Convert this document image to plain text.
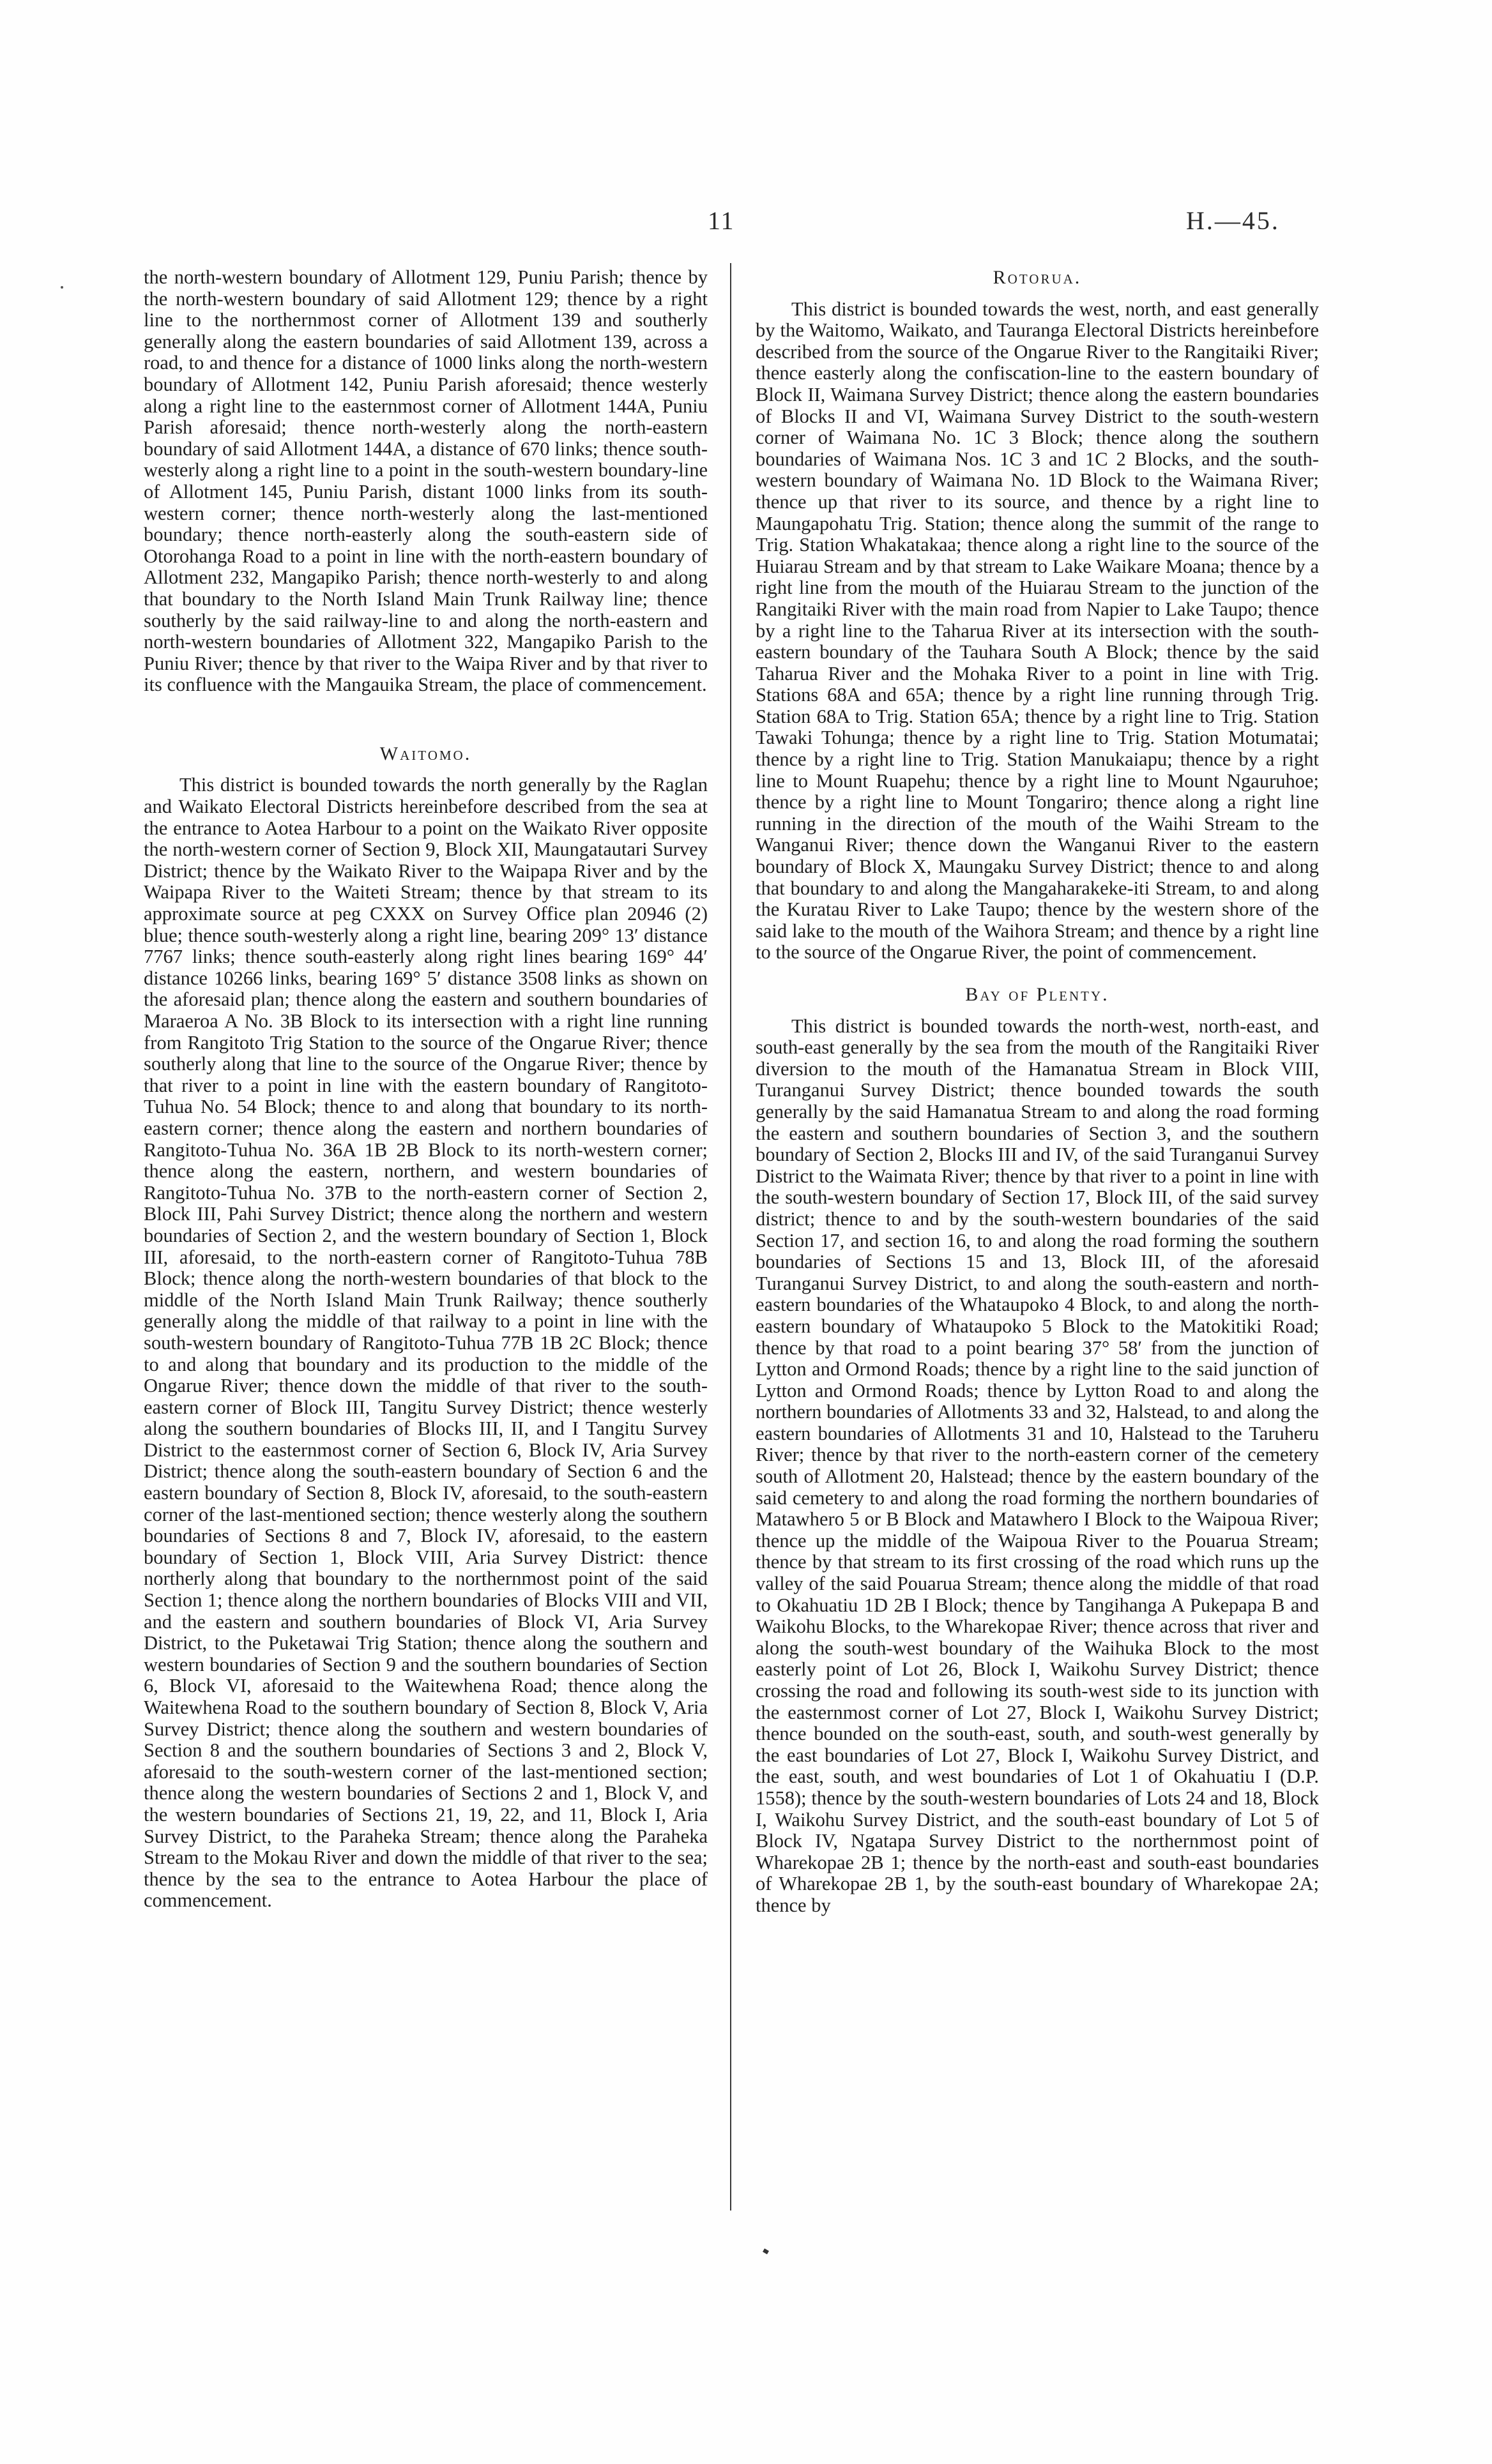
11	H.—45.

the north-western boundary of Allotment 129, Puniu Parish; thence by the north-western boundary of said Allotment 129; thence by a right line to the northernmost corner of Allotment 139 and southerly generally along the eastern boundaries of said Allotment 139, across a road, to and thence for a distance of 1000 links along the north-western boundary of Allotment 142, Puniu Parish aforesaid; thence westerly along a right line to the easternmost corner of Allotment 144A, Puniu Parish aforesaid; thence north-westerly along the north-eastern boundary of said Allotment 144A, a distance of 670 links; thence south-westerly along a right line to a point in the south-western boundary-line of Allotment 145, Puniu Parish, distant 1000 links from its south-western corner; thence north-westerly along the last-mentioned boundary; thence north-easterly along the south-eastern side of Otorohanga Road to a point in line with the north-eastern boundary of Allotment 232, Mangapiko Parish; thence north-westerly to and along that boundary to the North Island Main Trunk Railway line; thence southerly by the said railway-line to and along the north-eastern and north-western boundaries of Allotment 322, Mangapiko Parish to the Puniu River; thence by that river to the Waipa River and by that river to its confluence with the Mangauika Stream, the place of commencement.

Waitomo.

This district is bounded towards the north generally by the Raglan and Waikato Electoral Districts hereinbefore described from the sea at the entrance to Aotea Harbour to a point on the Waikato River opposite the north-western corner of Section 9, Block XII, Maungatautari Survey District; thence by the Waikato River to the Waipapa River and by the Waipapa River to the Waiteti Stream; thence by that stream to its approximate source at peg CXXX on Survey Office plan 20946 (2) blue; thence south-westerly along a right line, bearing 209° 13′ distance 7767 links; thence south-easterly along right lines bearing 169° 44′ distance 10266 links, bearing 169° 5′ distance 3508 links as shown on the aforesaid plan; thence along the eastern and southern boundaries of Maraeroa A No. 3B Block to its intersection with a right line running from Rangitoto Trig Station to the source of the Ongarue River; thence southerly along that line to the source of the Ongarue River; thence by that river to a point in line with the eastern boundary of Rangitoto-Tuhua No. 54 Block; thence to and along that boundary to its north-eastern corner; thence along the eastern and northern boundaries of Rangitoto-Tuhua No. 36A 1B 2B Block to its north-western corner; thence along the eastern, northern, and western boundaries of Rangitoto-Tuhua No. 37B to the north-eastern corner of Section 2, Block III, Pahi Survey District; thence along the northern and western boundaries of Section 2, and the western boundary of Section 1, Block III, aforesaid, to the north-eastern corner of Rangitoto-Tuhua 78B Block; thence along the north-western boundaries of that block to the middle of the North Island Main Trunk Railway; thence southerly generally along the middle of that railway to a point in line with the south-western boundary of Rangitoto-Tuhua 77B 1B 2C Block; thence to and along that boundary and its production to the middle of the Ongarue River; thence down the middle of that river to the south-eastern corner of Block III, Tangitu Survey District; thence westerly along the southern boundaries of Blocks III, II, and I Tangitu Survey District to the easternmost corner of Section 6, Block IV, Aria Survey District; thence along the south-eastern boundary of Section 6 and the eastern boundary of Section 8, Block IV, aforesaid, to the south-eastern corner of the last-mentioned section; thence westerly along the southern boundaries of Sections 8 and 7, Block IV, aforesaid, to the eastern boundary of Section 1, Block VIII, Aria Survey District: thence northerly along that boundary to the northernmost point of the said Section 1; thence along the northern boundaries of Blocks VIII and VII, and the eastern and southern boundaries of Block VI, Aria Survey District, to the Puketawai Trig Station; thence along the southern and western boundaries of Section 9 and the southern boundaries of Section 6, Block VI, aforesaid to the Waitewhena Road; thence along the Waitewhena Road to the southern boundary of Section 8, Block V, Aria Survey District; thence along the southern and western boundaries of Section 8 and the southern boundaries of Sections 3 and 2, Block V, aforesaid to the south-western corner of the last-mentioned section; thence along the western boundaries of Sections 2 and 1, Block V, and the western boundaries of Sections 21, 19, 22, and 11, Block I, Aria Survey District, to the Paraheka Stream; thence along the Paraheka Stream to the Mokau River and down the middle of that river to the sea; thence by the sea to the entrance to Aotea Harbour the place of commencement.

Rotorua.

This district is bounded towards the west, north, and east generally by the Waitomo, Waikato, and Tauranga Electoral Districts hereinbefore described from the source of the Ongarue River to the Rangitaiki River; thence easterly along the confiscation-line to the eastern boundary of Block II, Waimana Survey District; thence along the eastern boundaries of Blocks II and VI, Waimana Survey District to the south-western corner of Waimana No. 1C 3 Block; thence along the southern boundaries of Waimana Nos. 1C 3 and 1C 2 Blocks, and the south-western boundary of Waimana No. 1D Block to the Waimana River; thence up that river to its source, and thence by a right line to Maungapohatu Trig. Station; thence along the summit of the range to Trig. Station Whakatakaa; thence along a right line to the source of the Huiarau Stream and by that stream to Lake Waikare Moana; thence by a right line from the mouth of the Huiarau Stream to the junction of the Rangitaiki River with the main road from Napier to Lake Taupo; thence by a right line to the Taharua River at its intersection with the south-eastern boundary of the Tauhara South A Block; thence by the said Taharua River and the Mohaka River to a point in line with Trig. Stations 68A and 65A; thence by a right line running through Trig. Station 68A to Trig. Station 65A; thence by a right line to Trig. Station Tawaki Tohunga; thence by a right line to Trig. Station Motumatai; thence by a right line to Trig. Station Manukaiapu; thence by a right line to Mount Ruapehu; thence by a right line to Mount Ngauruhoe; thence by a right line to Mount Tongariro; thence along a right line running in the direction of the mouth of the Waihi Stream to the Wanganui River; thence down the Wanganui River to the eastern boundary of Block X, Maungaku Survey District; thence to and along that boundary to and along the Mangaharakeke-iti Stream, to and along the Kuratau River to Lake Taupo; thence by the western shore of the said lake to the mouth of the Waihora Stream; and thence by a right line to the source of the Ongarue River, the point of commencement.

Bay of Plenty.

This district is bounded towards the north-west, north-east, and south-east generally by the sea from the mouth of the Rangitaiki River diversion to the mouth of the Hamanatua Stream in Block VIII, Turanganui Survey District; thence bounded towards the south generally by the said Hamanatua Stream to and along the road forming the eastern and southern boundaries of Section 3, and the southern boundary of Section 2, Blocks III and IV, of the said Turanganui Survey District to the Waimata River; thence by that river to a point in line with the south-western boundary of Section 17, Block III, of the said survey district; thence to and by the south-western boundaries of the said Section 17, and section 16, to and along the road forming the southern boundaries of Sections 15 and 13, Block III, of the aforesaid Turanganui Survey District, to and along the south-eastern and north-eastern boundaries of the Whataupoko 4 Block, to and along the north-eastern boundary of Whataupoko 5 Block to the Matokitiki Road; thence by that road to a point bearing 37° 58′ from the junction of Lytton and Ormond Roads; thence by a right line to the said junction of Lytton and Ormond Roads; thence by Lytton Road to and along the northern boundaries of Allotments 33 and 32, Halstead, to and along the eastern boundaries of Allotments 31 and 10, Halstead to the Taruheru River; thence by that river to the north-eastern corner of the cemetery south of Allotment 20, Halstead; thence by the eastern boundary of the said cemetery to and along the road forming the northern boundaries of Matawhero 5 or B Block and Matawhero I Block to the Waipoua River; thence up the middle of the Waipoua River to the Pouarua Stream; thence by that stream to its first crossing of the road which runs up the valley of the said Pouarua Stream; thence along the middle of that road to Okahuatiu 1D 2B I Block; thence by Tangihanga A Pukepapa B and Waikohu Blocks, to the Wharekopae River; thence across that river and along the south-west boundary of the Waihuka Block to the most easterly point of Lot 26, Block I, Waikohu Survey District; thence crossing the road and following its south-west side to its junction with the easternmost corner of Lot 27, Block I, Waikohu Survey District; thence bounded on the south-east, south, and south-west generally by the east boundaries of Lot 27, Block I, Waikohu Survey District, and the east, south, and west boundaries of Lot 1 of Okahuatiu I (D.P. 1558); thence by the south-western boundaries of Lots 24 and 18, Block I, Waikohu Survey District, and the south-east boundary of Lot 5 of Block IV, Ngatapa Survey District to the northernmost point of Wharekopae 2B 1; thence by the north-east and south-east boundaries of Wharekopae 2B 1, by the south-east boundary of Wharekopae 2A; thence by
